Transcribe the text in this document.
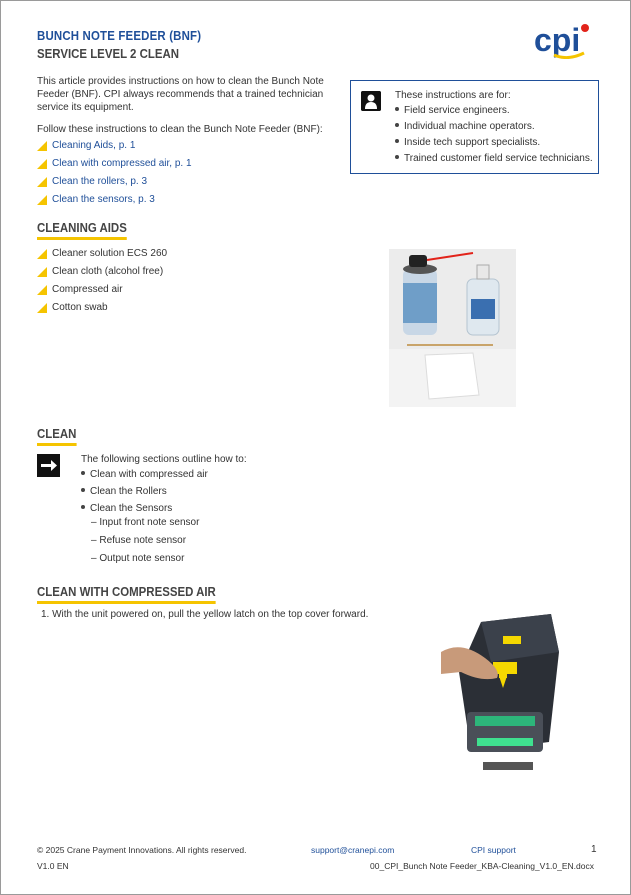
BUNCH NOTE FEEDER (BNF)
SERVICE LEVEL 2 CLEAN	cpi

This article provides instructions on how to clean the Bunch Note Feeder (BNF). CPI always recommends that a trained technician service its equipment.

Follow these instructions to clean the Bunch Note Feeder (BNF):

Cleaning Aids, p. 1
Clean with compressed air, p. 1
Clean the rollers, p. 3
Clean the sensors, p. 3
These instructions are for:
Field service engineers.
Individual machine operators.
Inside tech support specialists.
Trained customer field service technicians.
CLEANING AIDS
Cleaner solution ECS 260
Clean cloth (alcohol free)
Compressed air
Cotton swab
CLEAN
The following sections outline how to:
Clean with compressed air
Clean the Rollers
Clean the Sensors
– Input front note sensor
– Refuse note sensor
– Output note sensor
CLEAN WITH COMPRESSED AIR
1. With the unit powered on, pull the yellow latch on the top cover forward.
© 2025 Crane Payment Innovations. All rights reserved.	support@cranepi.com	CPI support	1
V1.0 EN	00_CPI_Bunch Note Feeder_KBA-Cleaning_V1.0_EN.docx
